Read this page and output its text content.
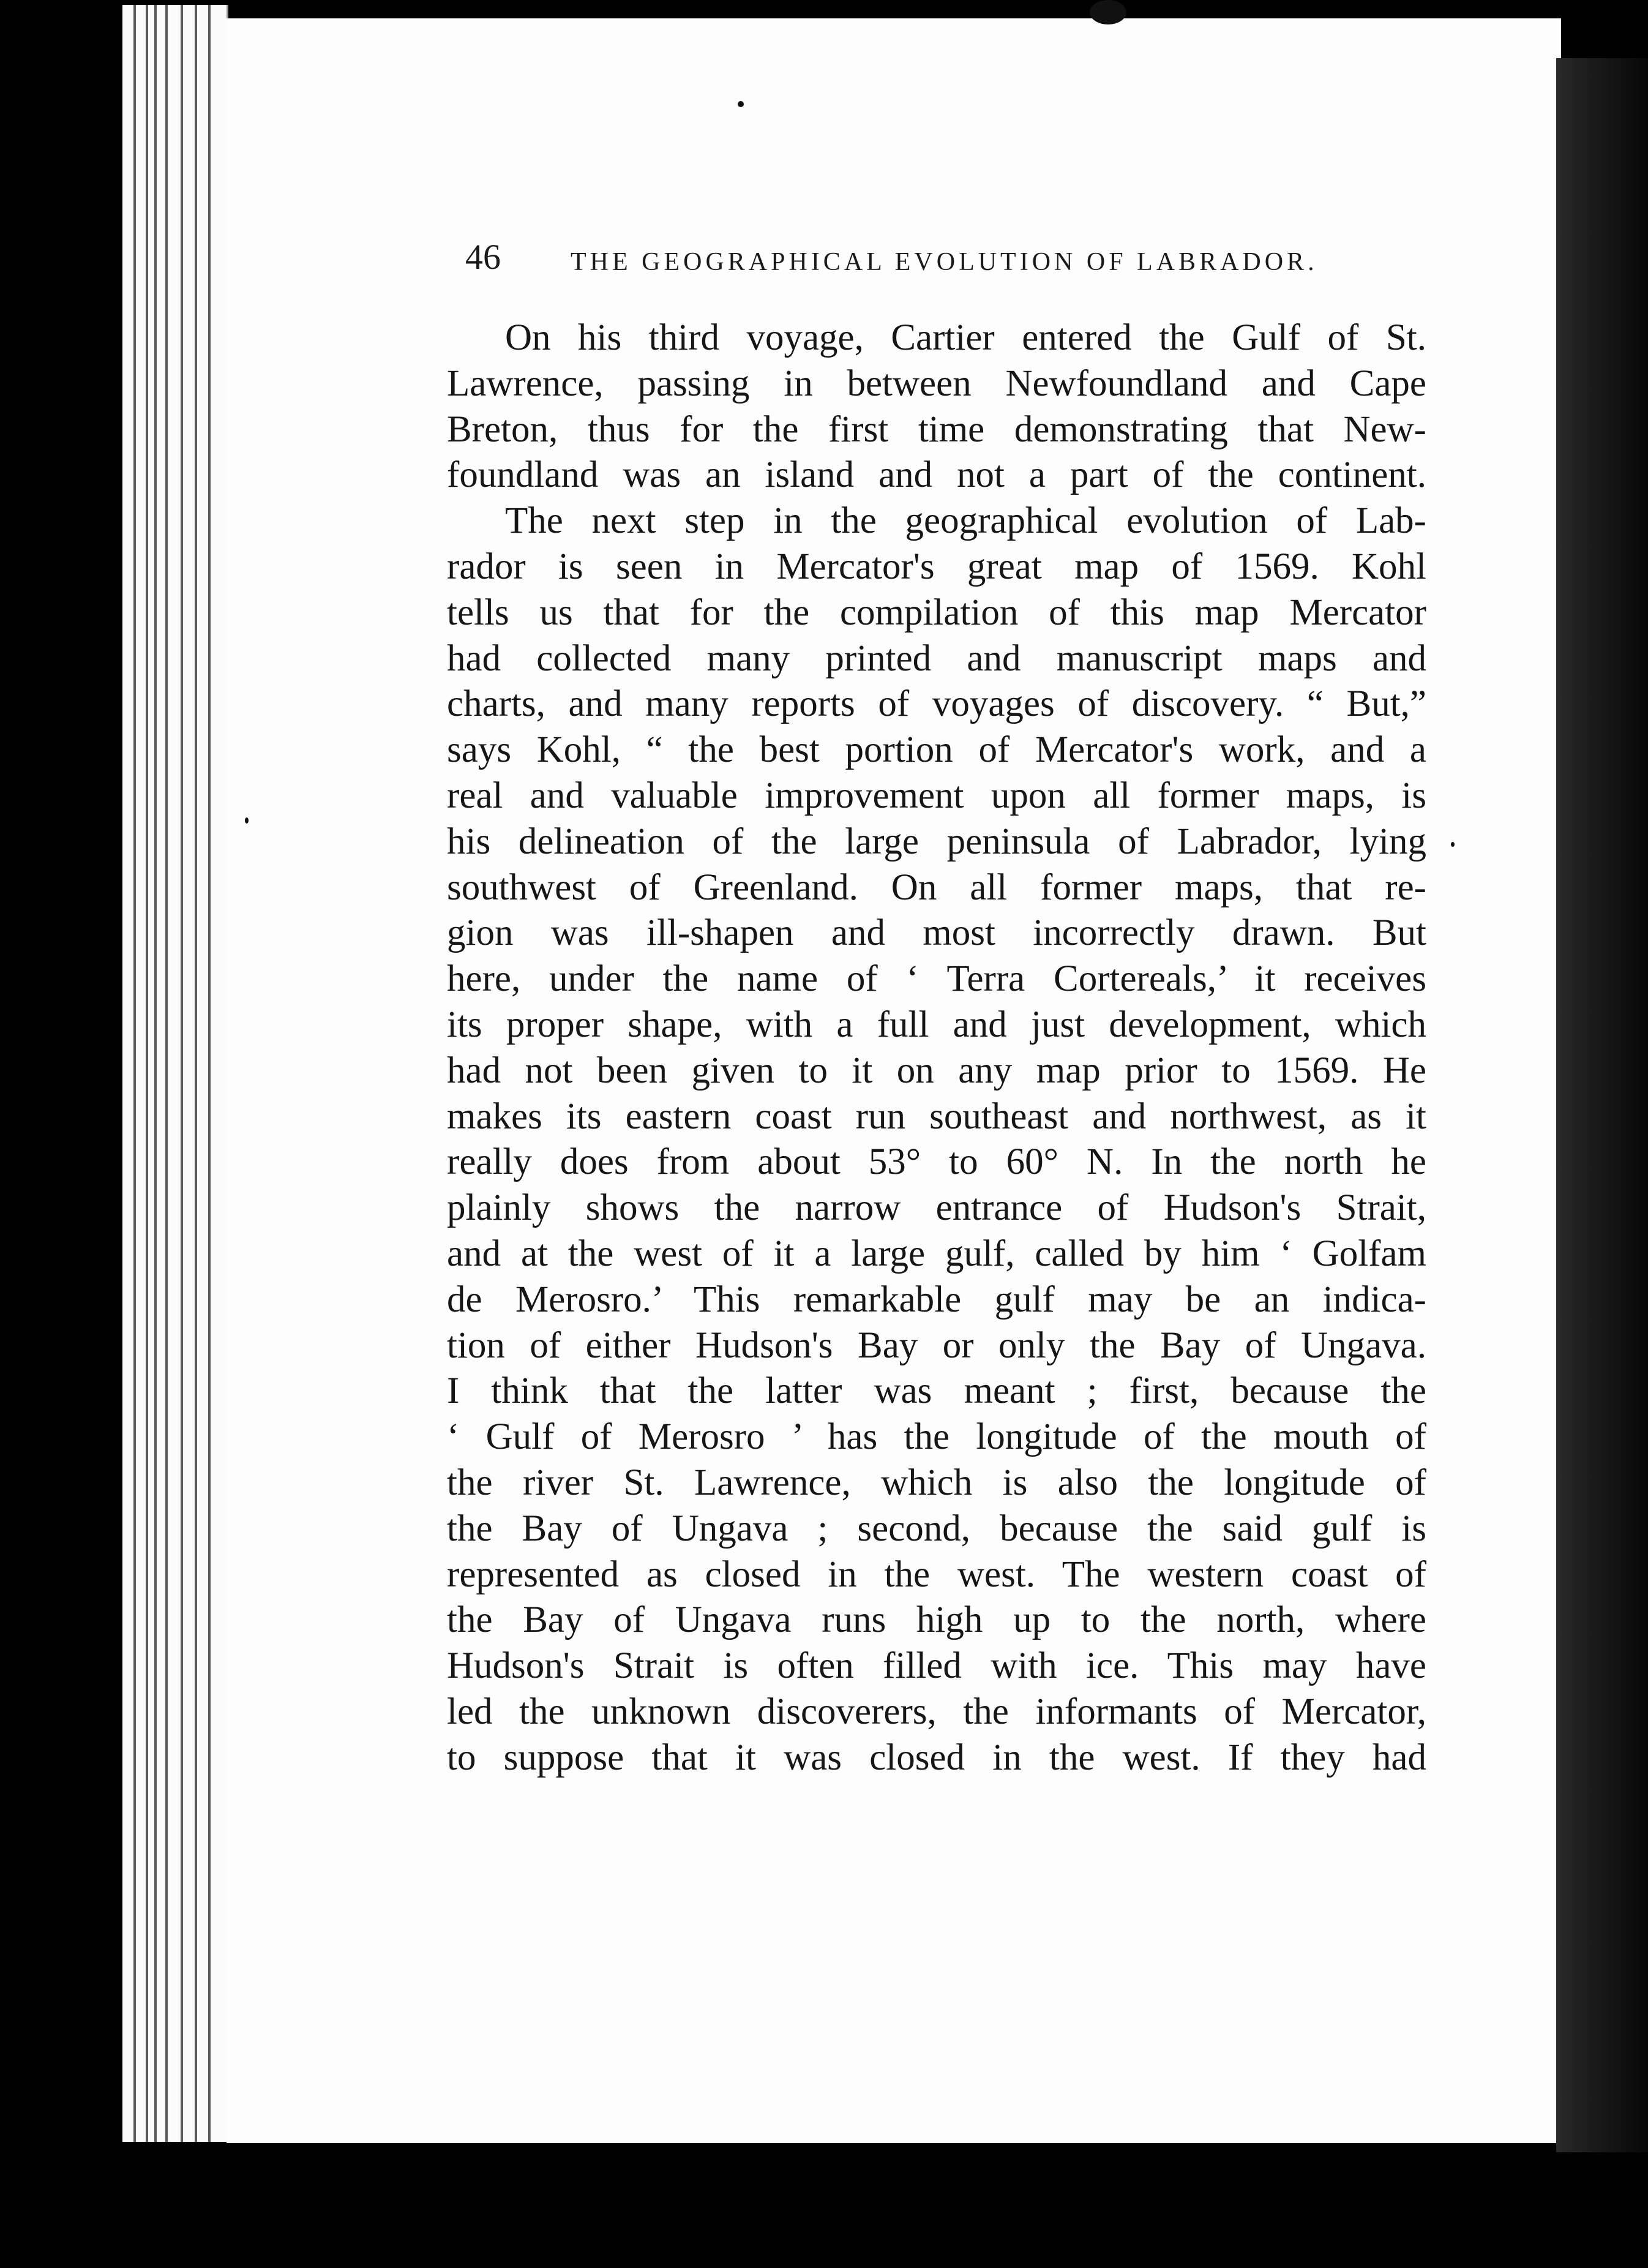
46	THE GEOGRAPHICAL EVOLUTION OF LABRADOR.
On his third voyage, Cartier entered the Gulf of St.
Lawrence, passing in between Newfoundland and Cape
Breton, thus for the first time demonstrating that New-
foundland was an island and not a part of the continent.
The next step in the geographical evolution of Lab-
rador is seen in Mercator's great map of 1569. Kohl
tells us that for the compilation of this map Mercator
had collected many printed and manuscript maps and
charts, and many reports of voyages of discovery. “ But,”
says Kohl, “ the best portion of Mercator's work, and a
real and valuable improvement upon all former maps, is
his delineation of the large peninsula of Labrador, lying
southwest of Greenland. On all former maps, that re-
gion was ill-shapen and most incorrectly drawn. But
here, under the name of ‘ Terra Cortereals,’ it receives
its proper shape, with a full and just development, which
had not been given to it on any map prior to 1569. He
makes its eastern coast run southeast and northwest, as it
really does from about 53° to 60° N. In the north he
plainly shows the narrow entrance of Hudson's Strait,
and at the west of it a large gulf, called by him ‘ Golfam
de Merosro.’ This remarkable gulf may be an indica-
tion of either Hudson's Bay or only the Bay of Ungava.
I think that the latter was meant ; first, because the
‘ Gulf of Merosro ’ has the longitude of the mouth of
the river St. Lawrence, which is also the longitude of
the Bay of Ungava ; second, because the said gulf is
represented as closed in the west. The western coast of
the Bay of Ungava runs high up to the north, where
Hudson's Strait is often filled with ice. This may have
led the unknown discoverers, the informants of Mercator,
to suppose that it was closed in the west. If they had
